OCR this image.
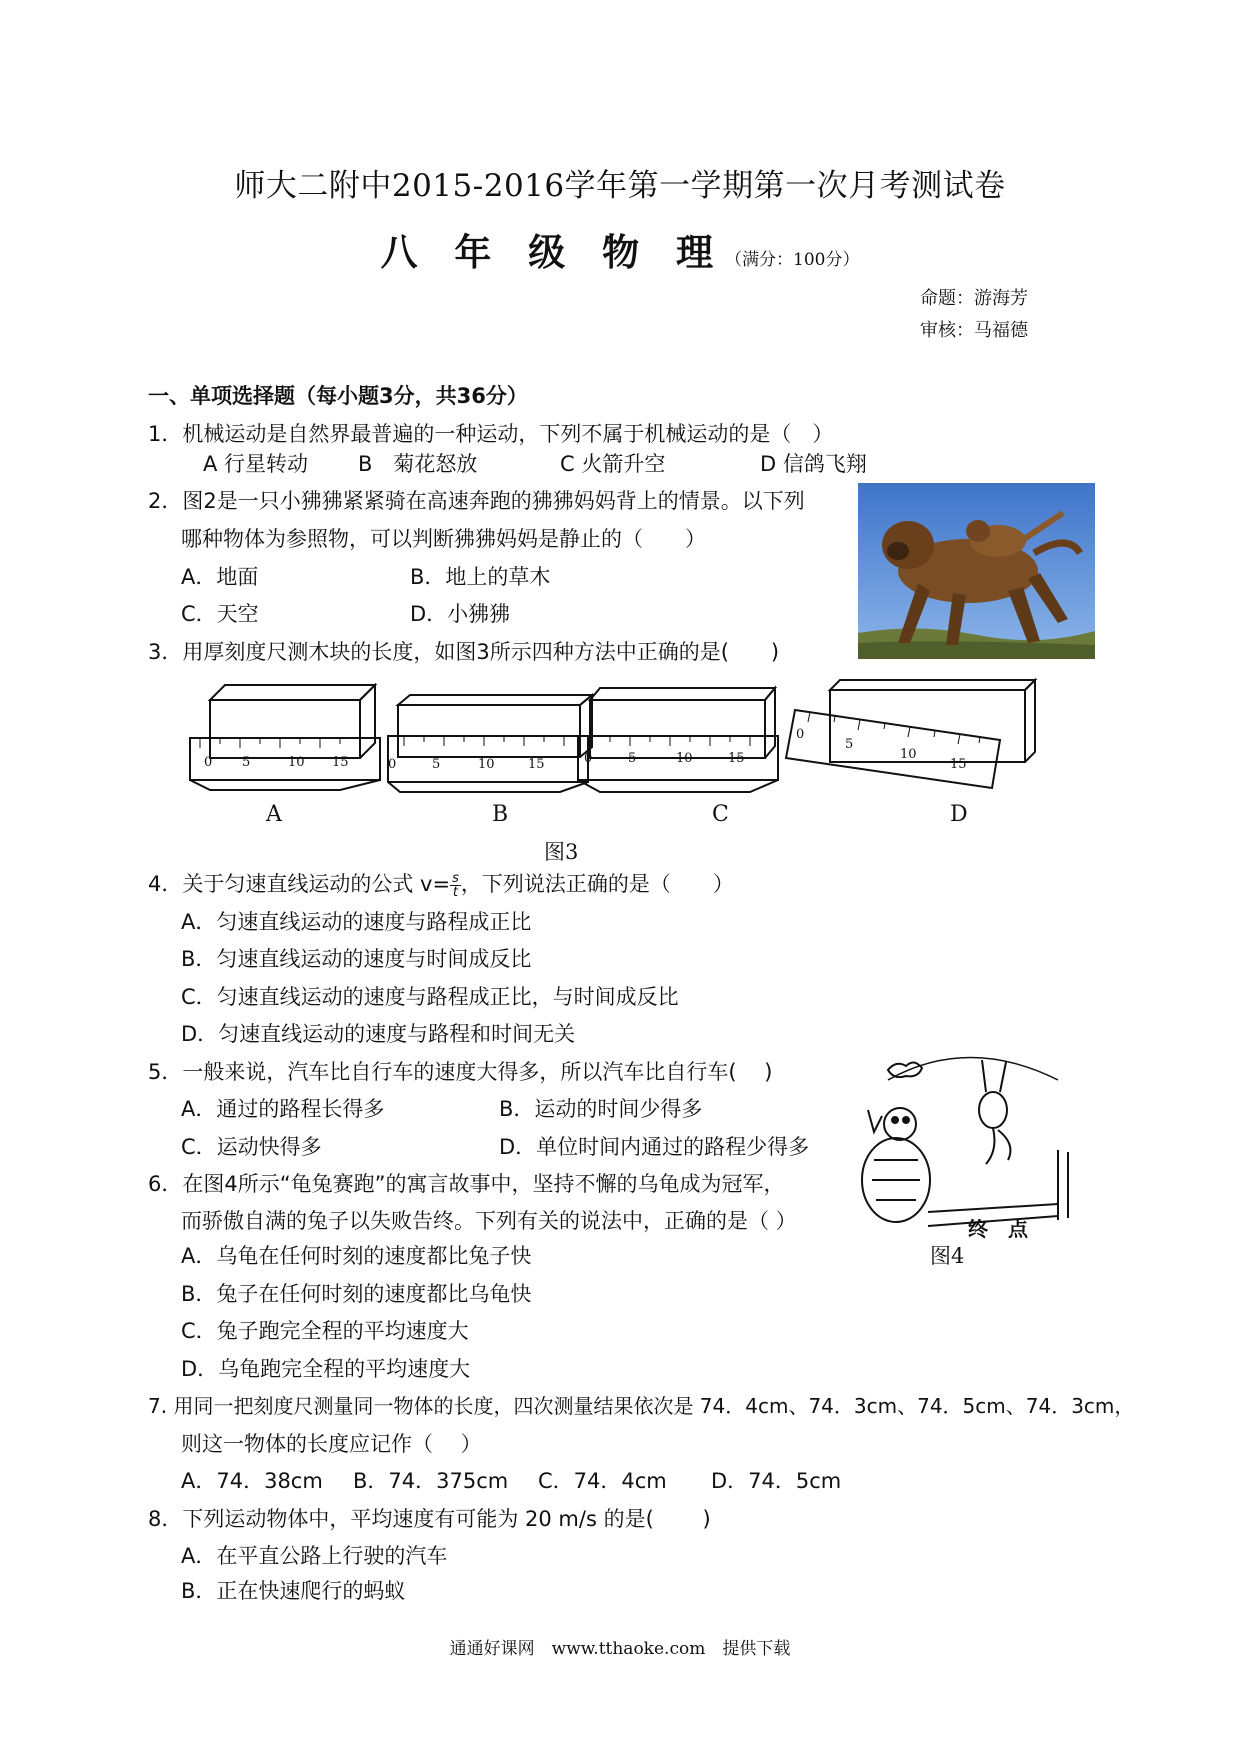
师大二附中2015-2016学年第一学期第一次月考测试卷
八 年 级 物 理（满分：100分）
命题：游海芳
审核：马福德
一、单项选择题（每小题3分，共36分）
1．机械运动是自然界最普遍的一种运动，下列不属于机械运动的是（　）
A 行星转动 B　菊花怒放	C 火箭升空	D 信鸽飞翔
2．图2是一只小狒狒紧紧骑在高速奔跑的狒狒妈妈背上的情景。以下列
哪种物体为参照物，可以判断狒狒妈妈是静止的（　　）
A．地面	B．地上的草木
C．天空	D．小狒狒
3．用厚刻度尺测木块的长度，如图3所示四种方法中正确的是(　　)
0 5	10 15	0	5	10	15	0	5	10	15
0
5
10
15
A	B	C	D
图3
4．关于匀速直线运动的公式 $v= \frac{s}{t}$ ，下列说法正确的是（　　）
A．匀速直线运动的速度与路程成正比
B．匀速直线运动的速度与时间成反比
C．匀速直线运动的速度与路程成正比，与时间成反比
D．匀速直线运动的速度与路程和时间无关
5．一般来说，汽车比自行车的速度大得多，所以汽车比自行车(　 )
A．通过的路程长得多	B．运动的时间少得多
C．运动快得多	D．单位时间内通过的路程少得多
终　点
图4
6．在图4所示“龟兔赛跑”的寓言故事中，坚持不懈的乌龟成为冠军，
而骄傲自满的兔子以失败告终。下列有关的说法中，正确的是（ ）
A．乌龟在任何时刻的速度都比兔子快
B．兔子在任何时刻的速度都比乌龟快
C．兔子跑完全程的平均速度大
D．乌龟跑完全程的平均速度大
7. 用同一把刻度尺测量同一物体的长度，四次测量结果依次是 74．4cm、74．3cm、74．5cm、74．3cm，
则这一物体的长度应记作（　 ）
A．74．38cm B．74．375cm C．74．4cm D．74．5cm
8．下列运动物体中，平均速度有可能为 20 m/s 的是(　　 )
A．在平直公路上行驶的汽车
B．正在快速爬行的蚂蚁
通通好课网　www.tthaoke.com　提供下载
